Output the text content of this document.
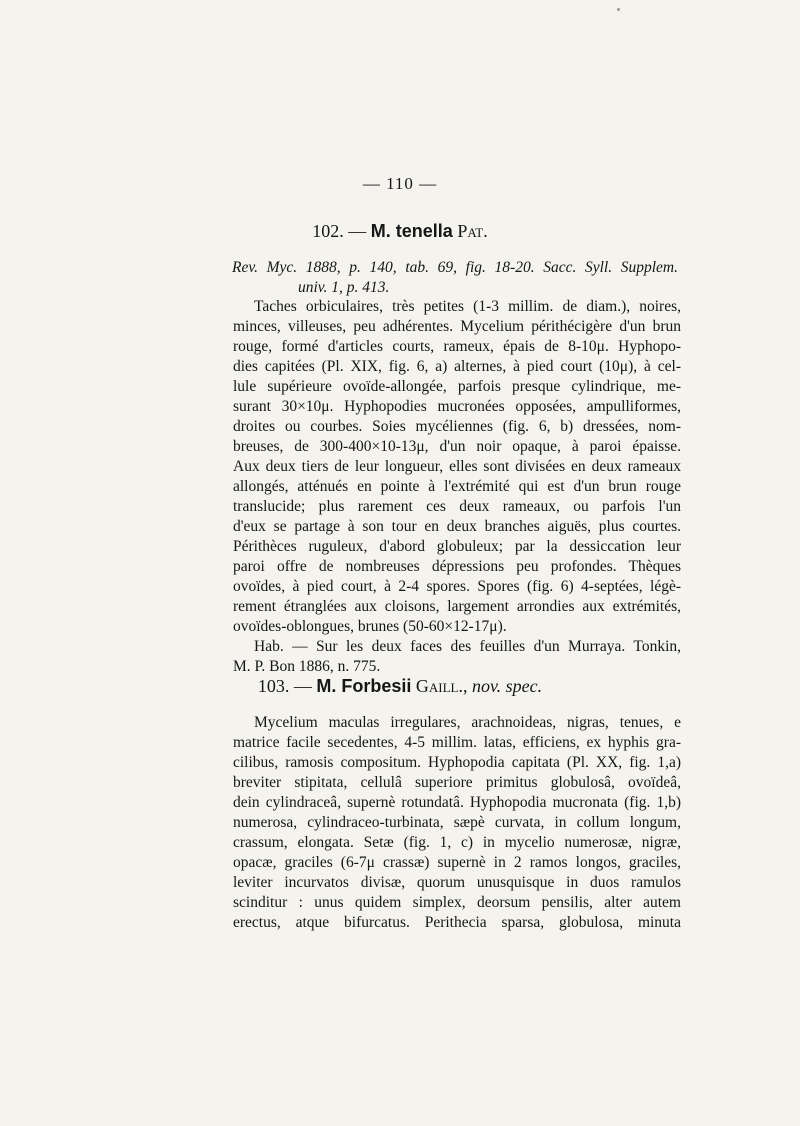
— 110 —
102. — M. tenella Pat.
Rev. Myc. 1888, p. 140, tab. 69, fig. 18-20. Sacc. Syll. Supplem.
univ. 1, p. 413.
Taches orbiculaires, très petites (1-3 millim. de diam.), noires,
minces, villeuses, peu adhérentes. Mycelium périthécigère d'un brun
rouge, formé d'articles courts, rameux, épais de 8-10μ. Hyphopo-
dies capitées (Pl. XIX, fig. 6, a) alternes, à pied court (10μ), à cel-
lule supérieure ovoïde-allongée, parfois presque cylindrique, me-
surant 30×10μ. Hyphopodies mucronées opposées, ampulliformes,
droites ou courbes. Soies mycéliennes (fig. 6, b) dressées, nom-
breuses, de 300-400×10-13μ, d'un noir opaque, à paroi épaisse.
Aux deux tiers de leur longueur, elles sont divisées en deux rameaux
allongés, atténués en pointe à l'extrémité qui est d'un brun rouge
translucide; plus rarement ces deux rameaux, ou parfois l'un
d'eux se partage à son tour en deux branches aiguës, plus courtes.
Périthèces ruguleux, d'abord globuleux; par la dessiccation leur
paroi offre de nombreuses dépressions peu profondes. Thèques
ovoïdes, à pied court, à 2-4 spores. Spores (fig. 6) 4-septées, légè-
rement étranglées aux cloisons, largement arrondies aux extrémités,
ovoïdes-oblongues, brunes (50-60×12-17μ).
Hab. — Sur les deux faces des feuilles d'un Murraya. Tonkin,
M. P. Bon 1886, n. 775.
103. — M. Forbesii Gaill., nov. spec.
Mycelium maculas irregulares, arachnoideas, nigras, tenues, e
matrice facile secedentes, 4-5 millim. latas, efficiens, ex hyphis gra-
cilibus, ramosis compositum. Hyphopodia capitata (Pl. XX, fig. 1,a)
breviter stipitata, cellulâ superiore primitus globulosâ, ovoïdeâ,
dein cylindraceâ, supernè rotundatâ. Hyphopodia mucronata (fig. 1,b)
numerosa, cylindraceo-turbinata, sæpè curvata, in collum longum,
crassum, elongata. Setæ (fig. 1, c) in mycelio numerosæ, nigræ,
opacæ, graciles (6-7μ crassæ) supernè in 2 ramos longos, graciles,
leviter incurvatos divisæ, quorum unusquisque in duos ramulos
scinditur : unus quidem simplex, deorsum pensilis, alter autem
erectus, atque bifurcatus. Perithecia sparsa, globulosa, minuta
